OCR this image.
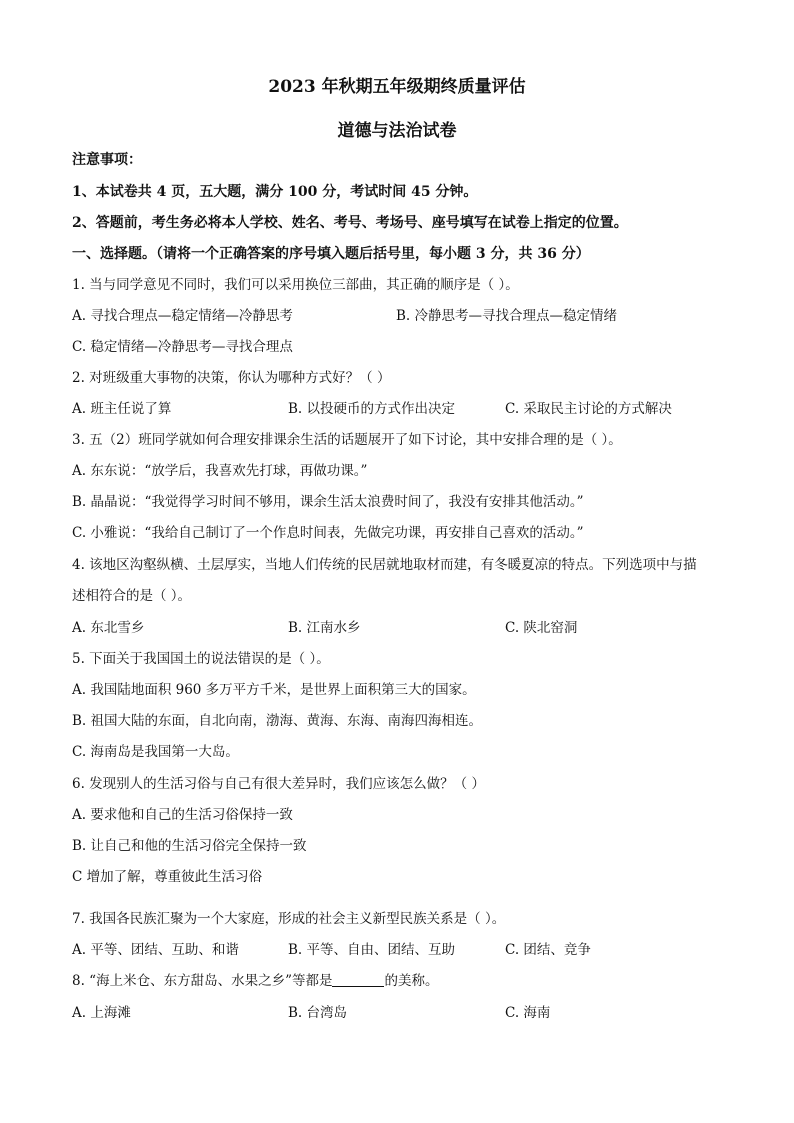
2023 年秋期五年级期终质量评估
道德与法治试卷
注意事项：
1、本试卷共 4 页，五大题，满分 100 分，考试时间 45 分钟。
2、答题前，考生务必将本人学校、姓名、考号、考场号、座号填写在试卷上指定的位置。
一、选择题。（请将一个正确答案的序号填入题后括号里，每小题 3 分，共 36 分）
1. 当与同学意见不同时，我们可以采用换位三部曲，其正确的顺序是（ ）。
A. 寻找合理点—稳定情绪—冷静思考	B. 冷静思考—寻找合理点—稳定情绪
C. 稳定情绪—冷静思考—寻找合理点
2. 对班级重大事物的决策，你认为哪种方式好？（ ）
A. 班主任说了算	B. 以投硬币的方式作出决定	C. 采取民主讨论的方式解决
3. 五（2）班同学就如何合理安排课余生活的话题展开了如下讨论，其中安排合理的是（ ）。
A. 东东说：“放学后，我喜欢先打球，再做功课。”
B. 晶晶说：“我觉得学习时间不够用，课余生活太浪费时间了，我没有安排其他活动。”
C. 小雅说：“我给自己制订了一个作息时间表，先做完功课，再安排自己喜欢的活动。”
4. 该地区沟壑纵横、土层厚实，当地人们传统的民居就地取材而建，有冬暖夏凉的特点。下列选项中与描
述相符合的是（ ）。
A. 东北雪乡	B. 江南水乡	C. 陕北窑洞
5. 下面关于我国国土的说法错误的是（ ）。
A. 我国陆地面积 960 多万平方千米，是世界上面积第三大的国家。
B. 祖国大陆的东面，自北向南，渤海、黄海、东海、南海四海相连。
C. 海南岛是我国第一大岛。
6. 发现别人的生活习俗与自己有很大差异时，我们应该怎么做？（ ）
A. 要求他和自己的生活习俗保持一致
B. 让自己和他的生活习俗完全保持一致
C 增加了解，尊重彼此生活习俗
7. 我国各民族汇聚为一个大家庭，形成的社会主义新型民族关系是（ ）。
A. 平等、团结、互助、和谐	B. 平等、自由、团结、互助	C. 团结、竞争
8. “海上米仓、东方甜岛、水果之乡”等都是	的美称。
A. 上海滩	B. 台湾岛	C. 海南
